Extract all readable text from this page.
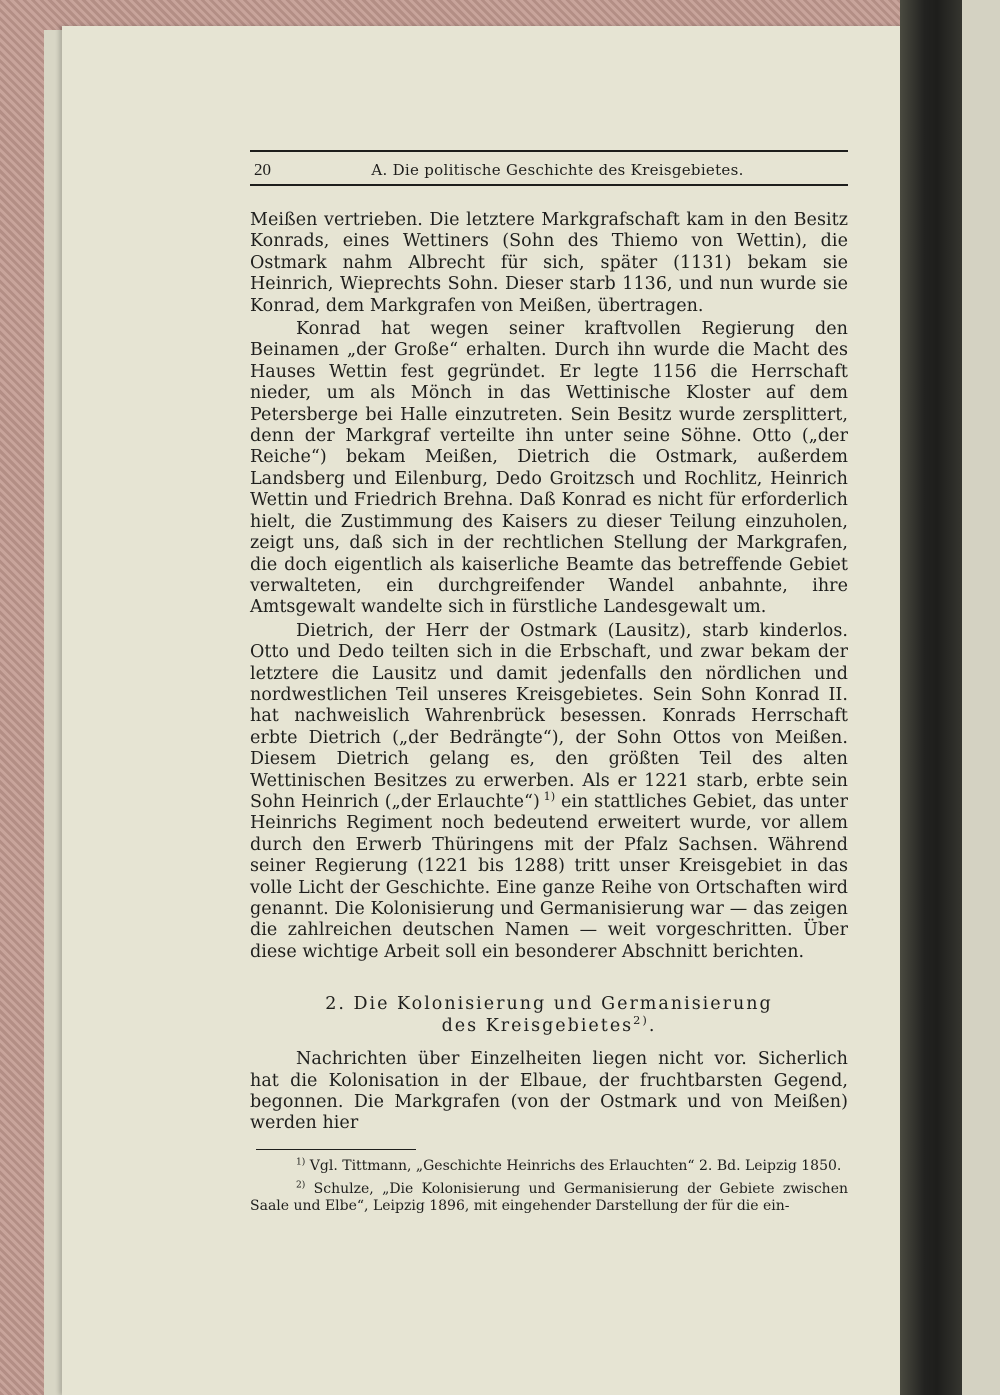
20	A. Die politische Geschichte des Kreisgebietes.

Meißen vertrieben. Die letztere Markgrafschaft kam in den Besitz Konrads, eines Wettiners (Sohn des Thiemo von Wettin), die Ostmark nahm Albrecht für sich, später (1131) bekam sie Heinrich, Wieprechts Sohn. Dieser starb 1136, und nun wurde sie Konrad, dem Markgrafen von Meißen, übertragen.

Konrad hat wegen seiner kraftvollen Regierung den Beinamen „der Große“ erhalten. Durch ihn wurde die Macht des Hauses Wettin fest gegründet. Er legte 1156 die Herrschaft nieder, um als Mönch in das Wettinische Kloster auf dem Petersberge bei Halle einzutreten. Sein Besitz wurde zersplittert, denn der Markgraf verteilte ihn unter seine Söhne. Otto („der Reiche“) bekam Meißen, Dietrich die Ostmark, außerdem Landsberg und Eilenburg, Dedo Groitzsch und Rochlitz, Heinrich Wettin und Friedrich Brehna. Daß Konrad es nicht für erforderlich hielt, die Zustimmung des Kaisers zu dieser Teilung einzuholen, zeigt uns, daß sich in der rechtlichen Stellung der Markgrafen, die doch eigentlich als kaiserliche Beamte das betreffende Gebiet verwalteten, ein durchgreifender Wandel anbahnte, ihre Amtsgewalt wandelte sich in fürstliche Landesgewalt um.

Dietrich, der Herr der Ostmark (Lausitz), starb kinderlos. Otto und Dedo teilten sich in die Erbschaft, und zwar bekam der letztere die Lausitz und damit jedenfalls den nördlichen und nordwestlichen Teil unseres Kreisgebietes. Sein Sohn Konrad II. hat nachweislich Wahrenbrück besessen. Konrads Herrschaft erbte Dietrich („der Bedrängte“), der Sohn Ottos von Meißen. Diesem Dietrich gelang es, den größten Teil des alten Wettinischen Besitzes zu erwerben. Als er 1221 starb, erbte sein Sohn Heinrich („der Erlauchte“)  $^{1)}$ ein stattliches Gebiet, das unter Heinrichs Regiment noch bedeutend erweitert wurde, vor allem durch den Erwerb Thüringens mit der Pfalz Sachsen. Während seiner Regierung (1221 bis 1288) tritt unser Kreisgebiet in das volle Licht der Geschichte. Eine ganze Reihe von Ortschaften wird genannt. Die Kolonisierung und Germanisierung war — das zeigen die zahlreichen deutschen Namen — weit vorgeschritten. Über diese wichtige Arbeit soll ein besonderer Abschnitt berichten.

2. Die Kolonisierung und Germanisierung
des Kreisgebietes$^{2)}$.

Nachrichten über Einzelheiten liegen nicht vor. Sicherlich hat die Kolonisation in der Elbaue, der fruchtbarsten Gegend, begonnen. Die Markgrafen (von der Ostmark und von Meißen) werden hier

$^{1)}$ Vgl. Tittmann, „Geschichte Heinrichs des Erlauchten“ 2. Bd. Leipzig 1850.

$^{2)}$ Schulze, „Die Kolonisierung und Germanisierung der Gebiete zwischen Saale und Elbe“, Leipzig 1896, mit eingehender Darstellung der für die ein-
